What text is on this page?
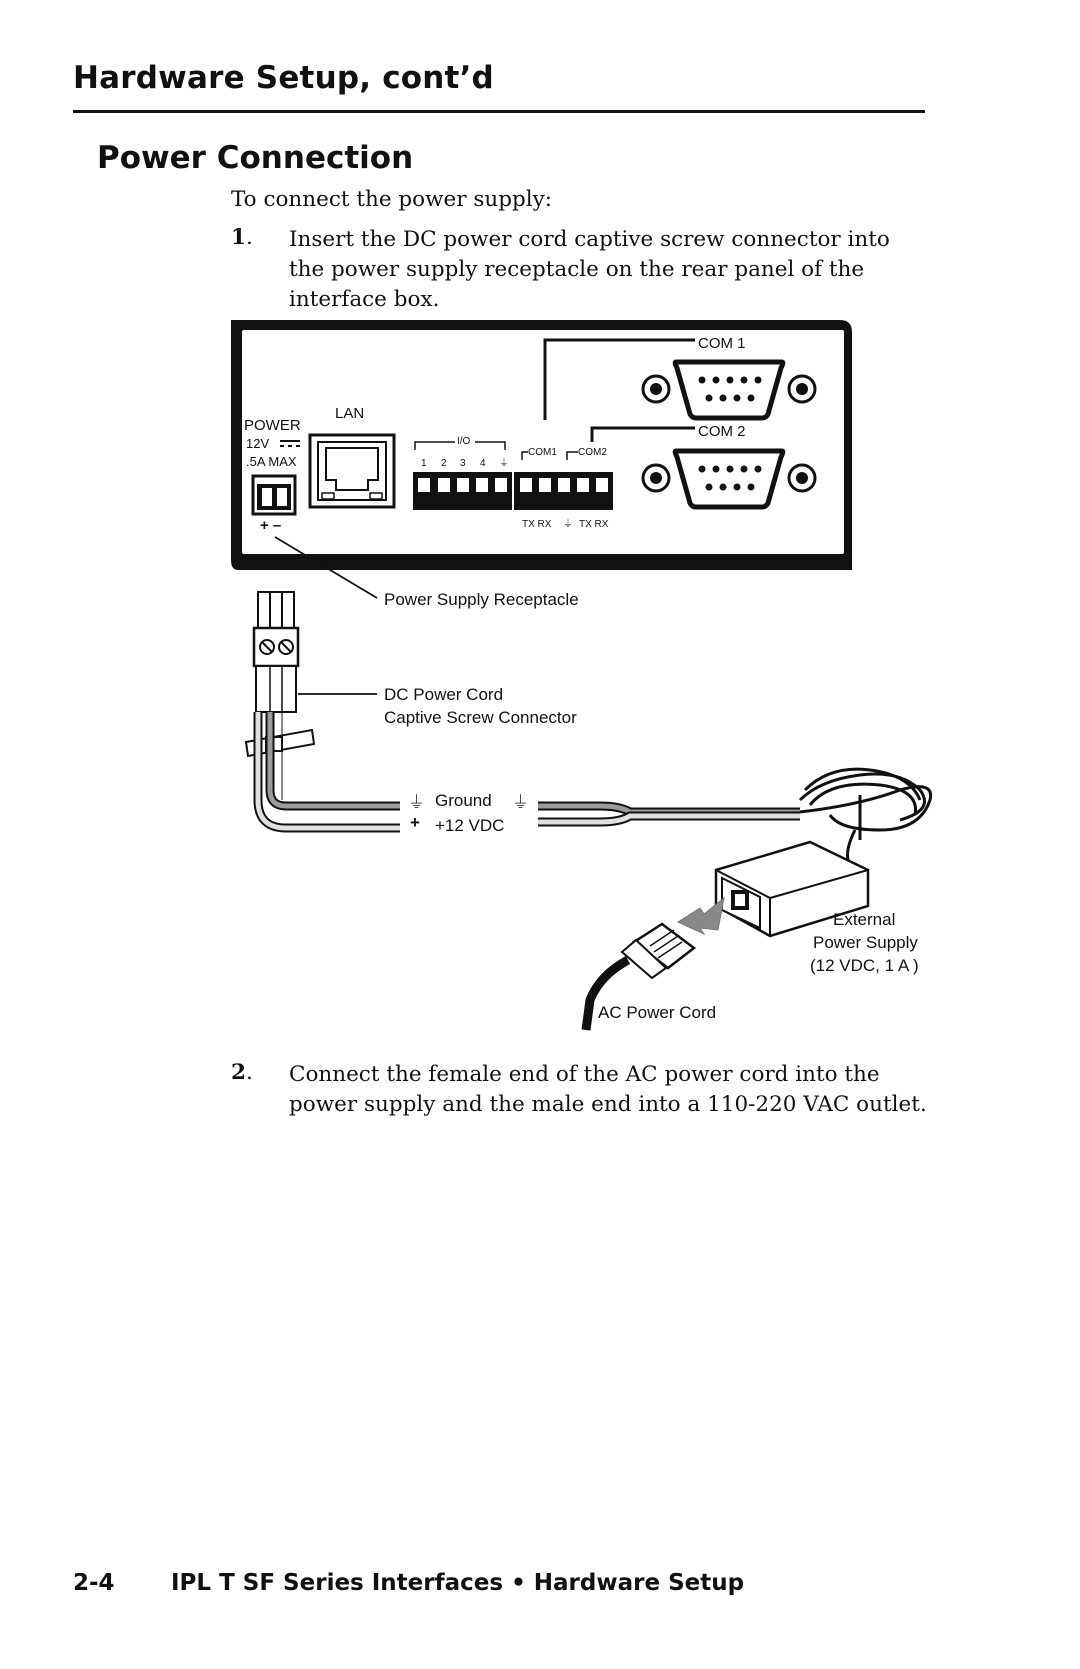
Hardware Setup, cont’d
Power Connection
To connect the power supply:
1. Insert the DC power cord captive screw connector into the power supply receptacle on the rear panel of the interface box.
COM 1
COM 2
POWER
12V
.5A MAX
+ –
LAN
I/O
1 2 3 4 ⏚
COM1 COM2
TX RX ⏚ TX RX
Power Supply Receptacle
DC Power Cord
Captive Screw Connector
⏚ Ground ⏚
+ +12 VDC
External
Power Supply
(12 VDC, 1 A )
AC Power Cord
2. Connect the female end of the AC power cord into the power supply and the male end into a 110-220 VAC outlet.
2-4 IPL T SF Series Interfaces • Hardware Setup
